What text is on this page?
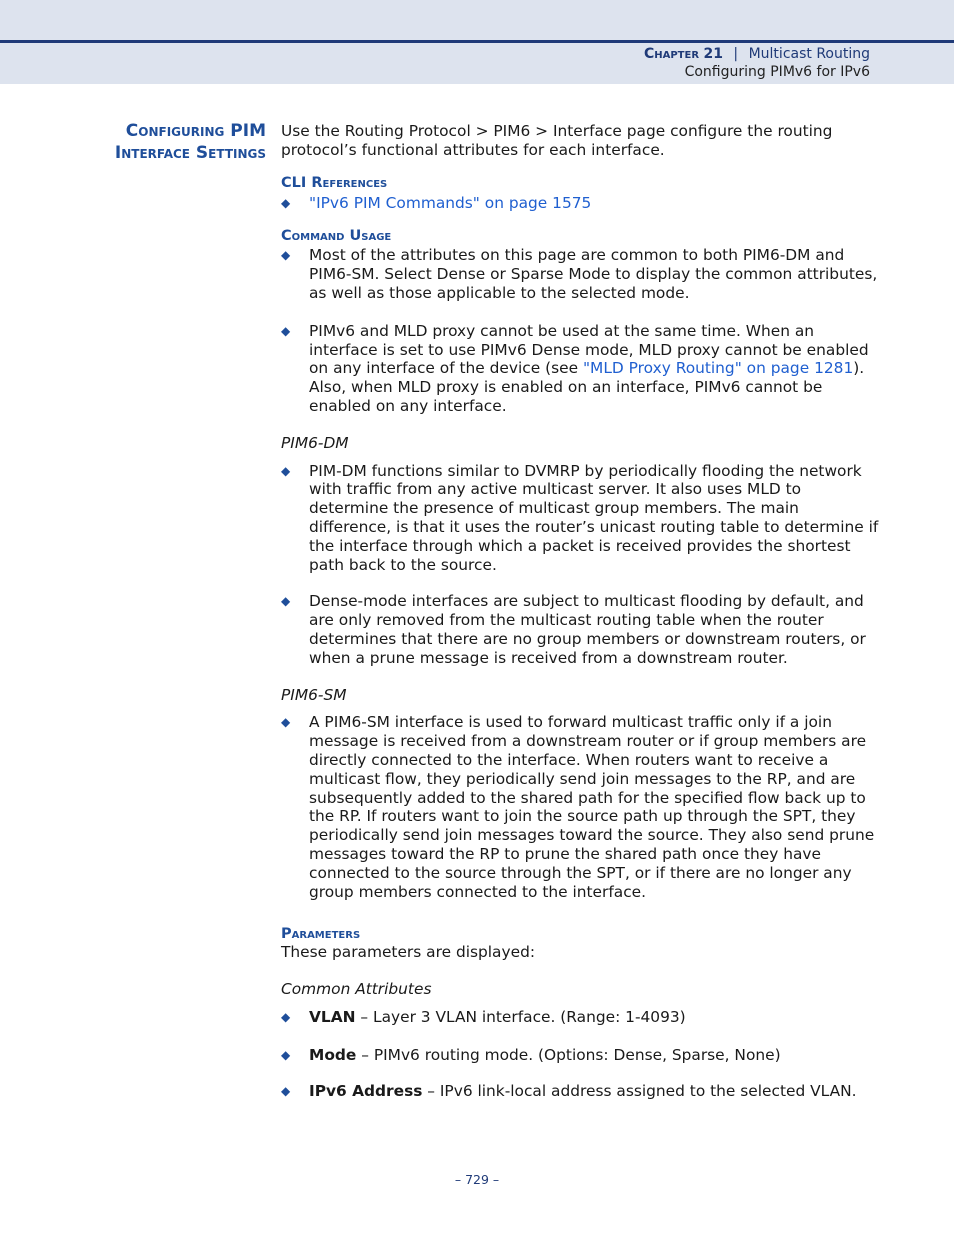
Chapter 21 | Multicast Routing
Configuring PIMv6 for IPv6
Configuring PIM
Interface Settings

Use the Routing Protocol > PIM6 > Interface page configure the routing protocol’s functional attributes for each interface.

CLI References
◆ "IPv6 PIM Commands" on page 1575
Command Usage
◆ Most of the attributes on this page are common to both PIM6-DM and PIM6-SM. Select Dense or Sparse Mode to display the common attributes, as well as those applicable to the selected mode.
◆ PIMv6 and MLD proxy cannot be used at the same time. When an interface is set to use PIMv6 Dense mode, MLD proxy cannot be enabled on any interface of the device (see "MLD Proxy Routing" on page 1281). Also, when MLD proxy is enabled on an interface, PIMv6 cannot be enabled on any interface.
PIM6-DM
◆ PIM-DM functions similar to DVMRP by periodically flooding the network with traffic from any active multicast server. It also uses MLD to determine the presence of multicast group members. The main difference, is that it uses the router’s unicast routing table to determine if the interface through which a packet is received provides the shortest path back to the source.
◆ Dense-mode interfaces are subject to multicast flooding by default, and are only removed from the multicast routing table when the router determines that there are no group members or downstream routers, or when a prune message is received from a downstream router.
PIM6-SM
◆ A PIM6-SM interface is used to forward multicast traffic only if a join message is received from a downstream router or if group members are directly connected to the interface. When routers want to receive a multicast flow, they periodically send join messages to the RP, and are subsequently added to the shared path for the specified flow back up to the RP. If routers want to join the source path up through the SPT, they periodically send join messages toward the source. They also send prune messages toward the RP to prune the shared path once they have connected to the source through the SPT, or if there are no longer any group members connected to the interface.
Parameters

These parameters are displayed:

Common Attributes
◆ VLAN – Layer 3 VLAN interface. (Range: 1-4093)
◆ Mode – PIMv6 routing mode. (Options: Dense, Sparse, None)
◆ IPv6 Address – IPv6 link-local address assigned to the selected VLAN.
– 729 –
